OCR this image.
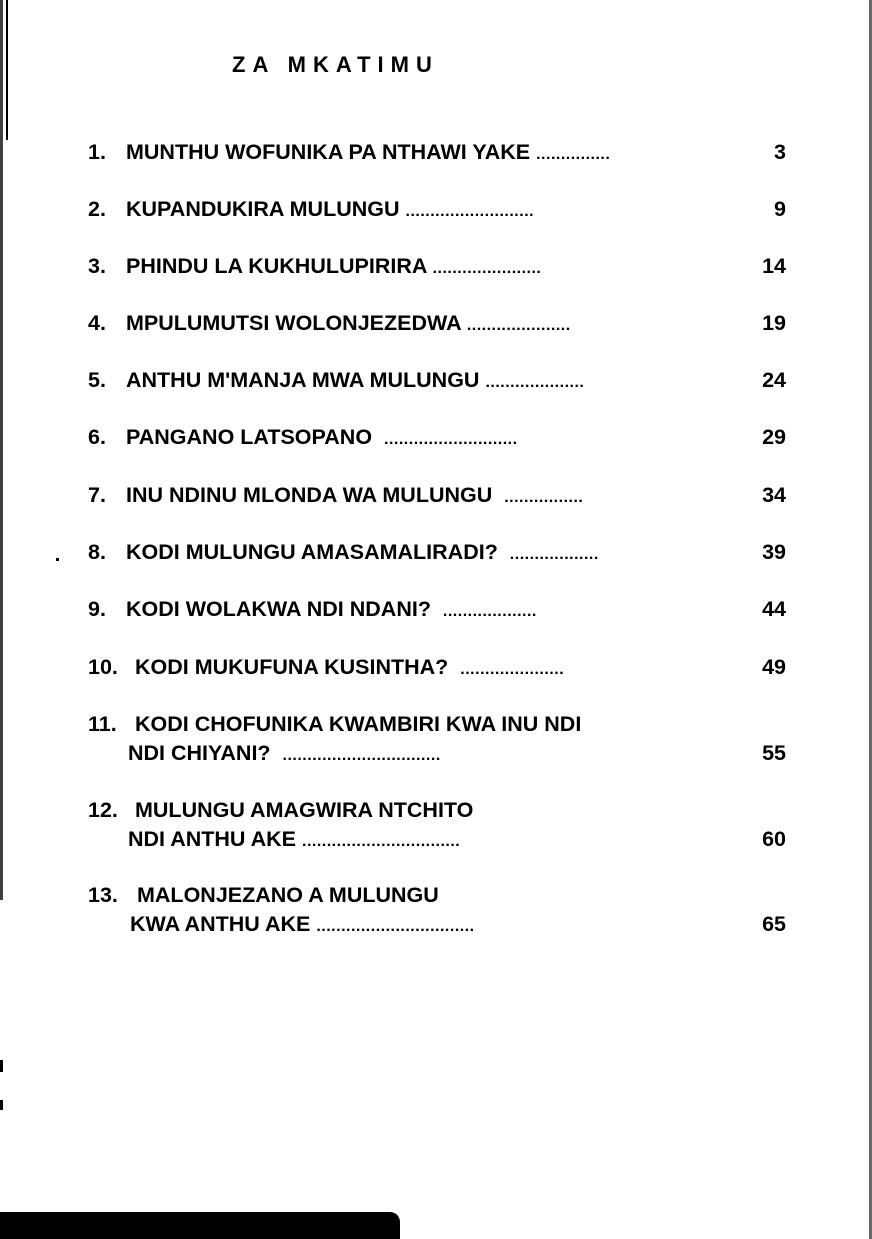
ZA MKATIMU
1. MUNTHU WOFUNIKA PA NTHAWI YAKE ...............	3
2. KUPANDUKIRA MULUNGU ..........................	9
3. PHINDU LA KUKHULUPIRIRA ......................	14
4. MPULUMUTSI WOLONJEZEDWA .....................	19
5. ANTHU M'MANJA MWA MULUNGU ....................	24
6. PANGANO LATSOPANO ...........................	29
7. INU NDINU MLONDA WA MULUNGU ................	34
8. KODI MULUNGU AMASAMALIRADI? ..................	39
9. KODI WOLAKWA NDI NDANI? ...................	44
10. KODI MUKUFUNA KUSINTHA? .....................	49
11. KODI CHOFUNIKA KWAMBIRI KWA INU NDI
NDI CHIYANI? ................................	55
12. MULUNGU AMAGWIRA NTCHITO
NDI ANTHU AKE ................................	60
13. MALONJEZANO A MULUNGU
KWA ANTHU AKE ................................	65
